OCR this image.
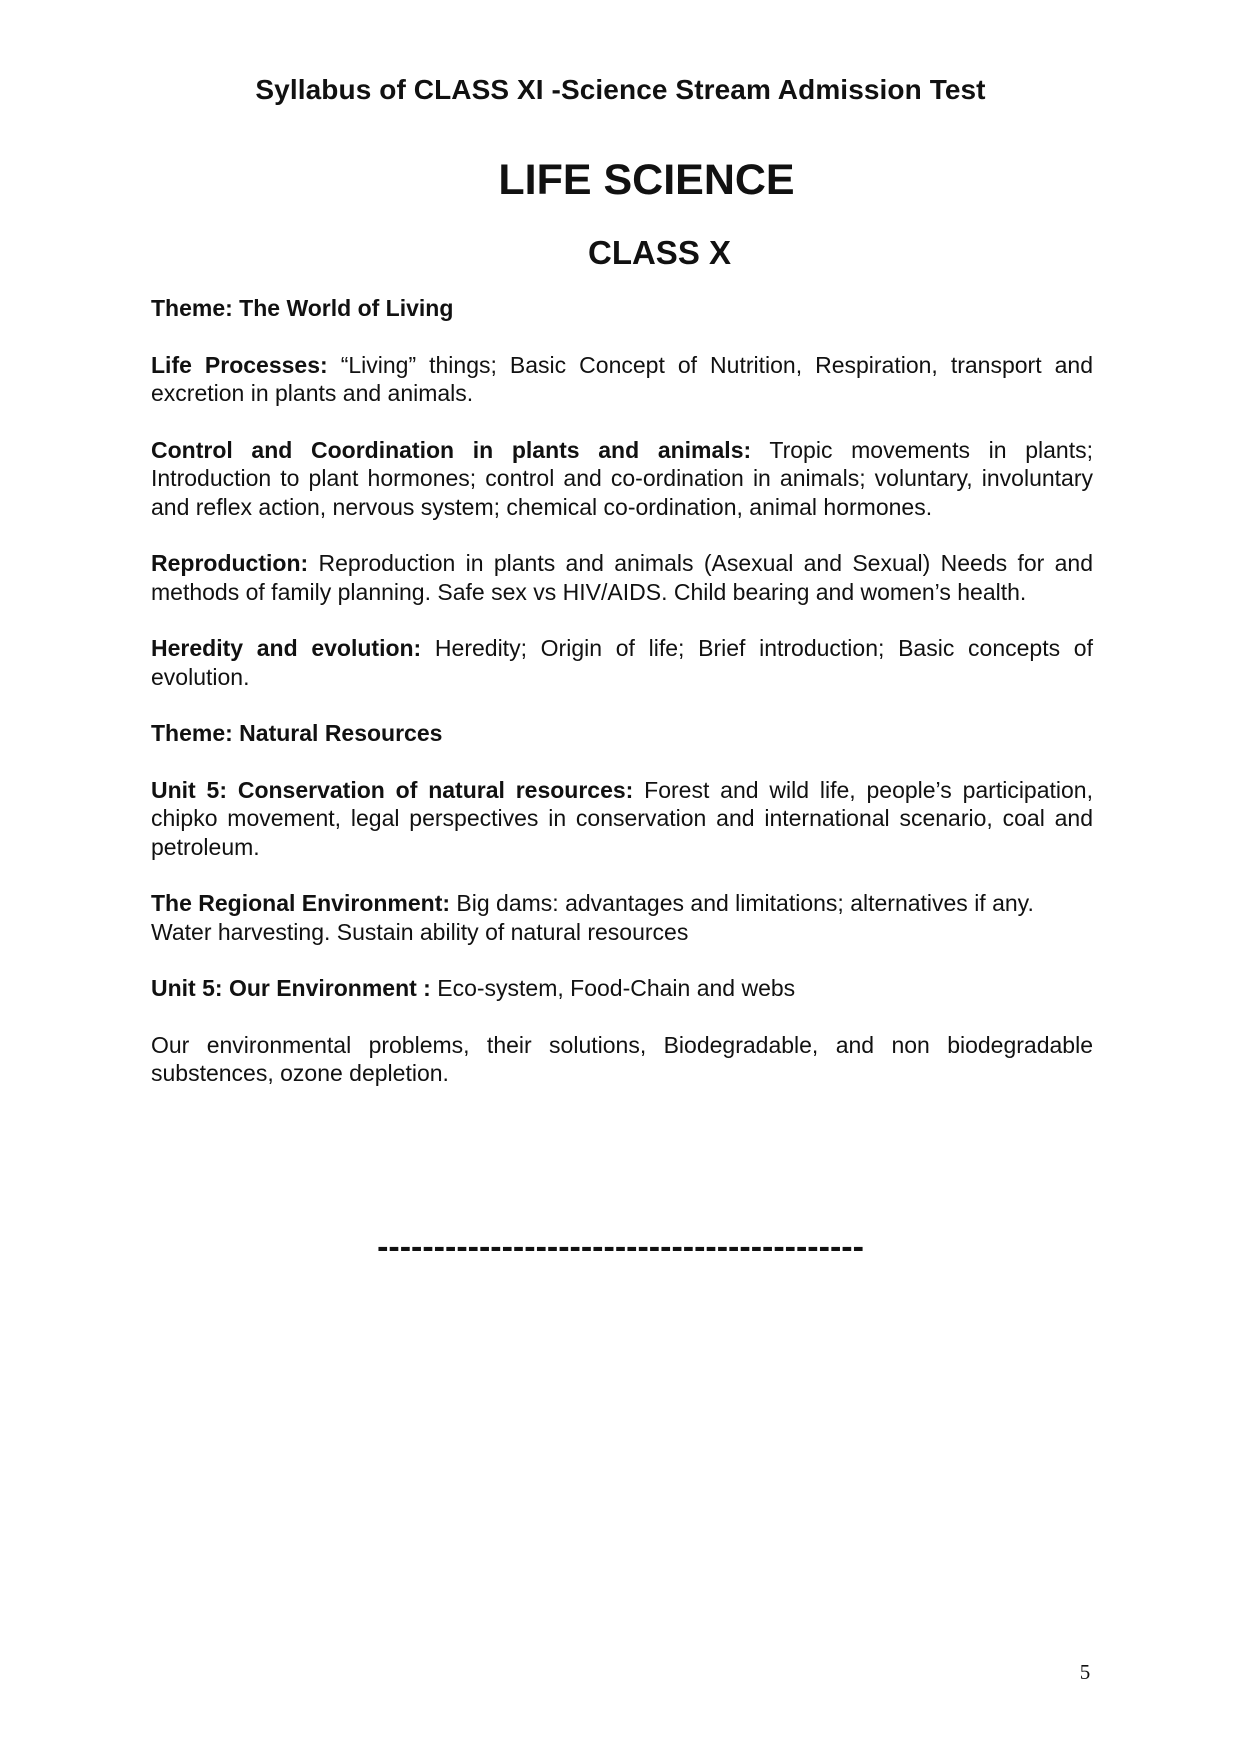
Syllabus of CLASS XI -Science Stream Admission Test
LIFE SCIENCE
CLASS X
Theme: The World of Living

Life Processes: “Living” things; Basic Concept of Nutrition, Respiration, transport and excretion in plants and animals.

Control and Coordination in plants and animals: Tropic movements in plants; Introduction to plant hormones; control and co-ordination in animals; voluntary, involuntary and reflex action, nervous system; chemical co-ordination, animal hormones.

Reproduction: Reproduction in plants and animals (Asexual and Sexual) Needs for and methods of family planning. Safe sex vs HIV/AIDS. Child bearing and women’s health.

Heredity and evolution: Heredity; Origin of life; Brief introduction; Basic concepts of evolution.

Theme: Natural Resources

Unit 5: Conservation of natural resources: Forest and wild life, people’s participation, chipko movement, legal perspectives in conservation and international scenario, coal and petroleum.

The Regional Environment: Big dams: advantages and limitations; alternatives if any. Water harvesting. Sustain ability of natural resources

Unit 5: Our Environment : Eco-system, Food-Chain and webs

Our environmental problems, their solutions, Biodegradable, and non biodegradable substences, ozone depletion.

-------------------------------------------
5
